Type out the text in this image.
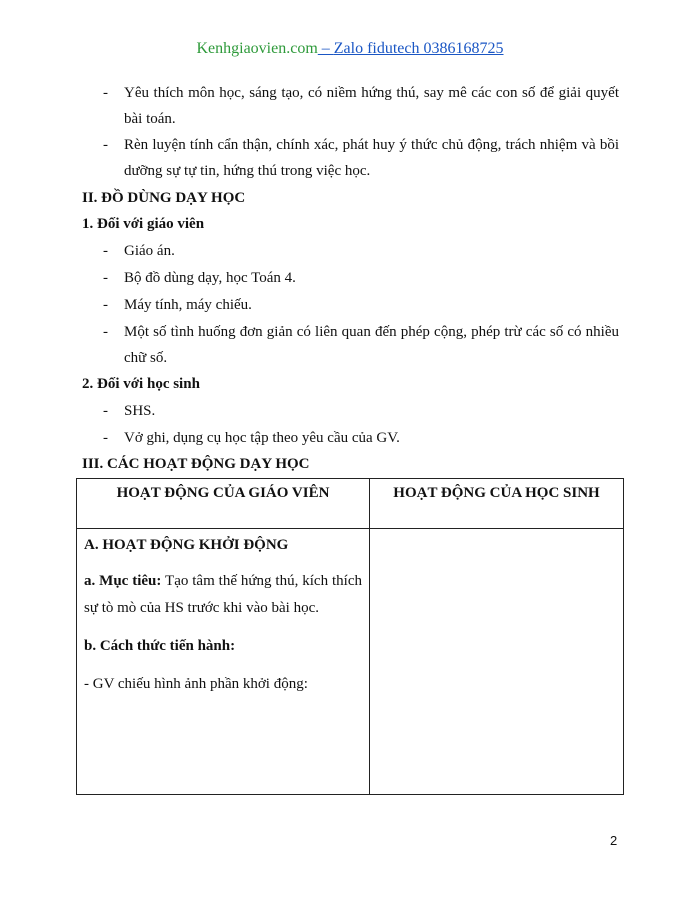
Kenhgiaovien.com – Zalo fidutech 0386168725
- Yêu thích môn học, sáng tạo, có niềm hứng thú, say mê các con số để giải quyết bài toán.
- Rèn luyện tính cẩn thận, chính xác, phát huy ý thức chủ động, trách nhiệm và bồi dưỡng sự tự tin, hứng thú trong việc học.
II. ĐỒ DÙNG DẠY HỌC
1. Đối với giáo viên
- Giáo án.
- Bộ đồ dùng dạy, học Toán 4.
- Máy tính, máy chiếu.
- Một số tình huống đơn giản có liên quan đến phép cộng, phép trừ các số có nhiều chữ số.
2. Đối với học sinh
- SHS.
- Vở ghi, dụng cụ học tập theo yêu cầu của GV.
III. CÁC HOẠT ĐỘNG DẠY HỌC
HOẠT ĐỘNG CỦA GIÁO VIÊN	HOẠT ĐỘNG CỦA HỌC SINH

A. HOẠT ĐỘNG KHỞI ĐỘNG

a. Mục tiêu: Tạo tâm thế hứng thú, kích thích sự tò mò của HS trước khi vào bài học.

b. Cách thức tiến hành:

- GV chiếu hình ảnh phần khởi động:	

2
